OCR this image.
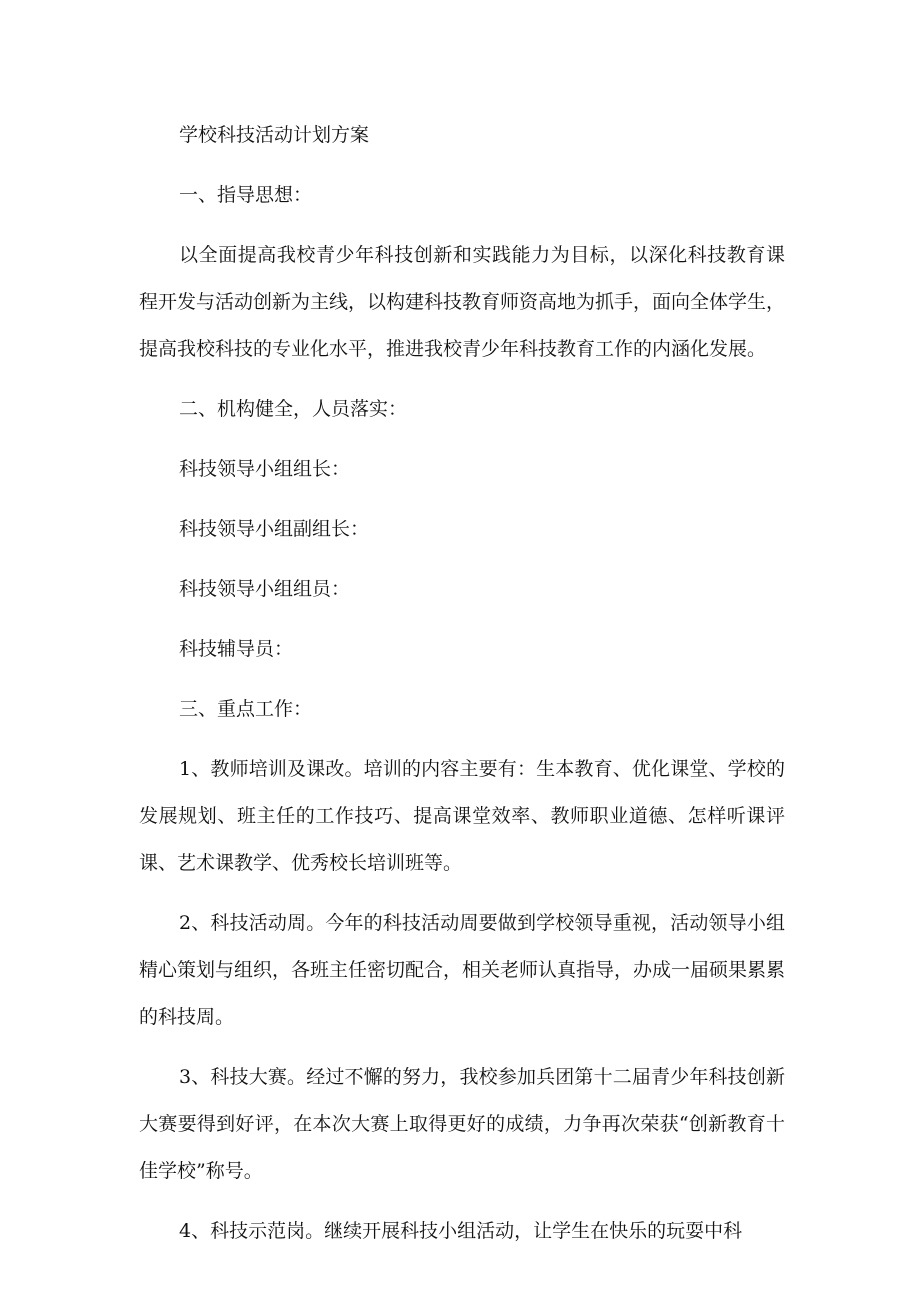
学校科技活动计划方案

一、指导思想：

以全面提高我校青少年科技创新和实践能力为目标，以深化科技教育课程开发与活动创新为主线，以构建科技教育师资高地为抓手，面向全体学生，提高我校科技的专业化水平，推进我校青少年科技教育工作的内涵化发展。

二、机构健全，人员落实：

科技领导小组组长：

科技领导小组副组长：

科技领导小组组员：

科技辅导员：

三、重点工作：

1、教师培训及课改。培训的内容主要有：生本教育、优化课堂、学校的发展规划、班主任的工作技巧、提高课堂效率、教师职业道德、怎样听课评课、艺术课教学、优秀校长培训班等。

2、科技活动周。今年的科技活动周要做到学校领导重视，活动领导小组精心策划与组织，各班主任密切配合，相关老师认真指导，办成一届硕果累累的科技周。

3、科技大赛。经过不懈的努力，我校参加兵团第十二届青少年科技创新大赛要得到好评，在本次大赛上取得更好的成绩，力争再次荣获“创新教育十佳学校”称号。

4、科技示范岗。继续开展科技小组活动，让学生在快乐的玩耍中科
